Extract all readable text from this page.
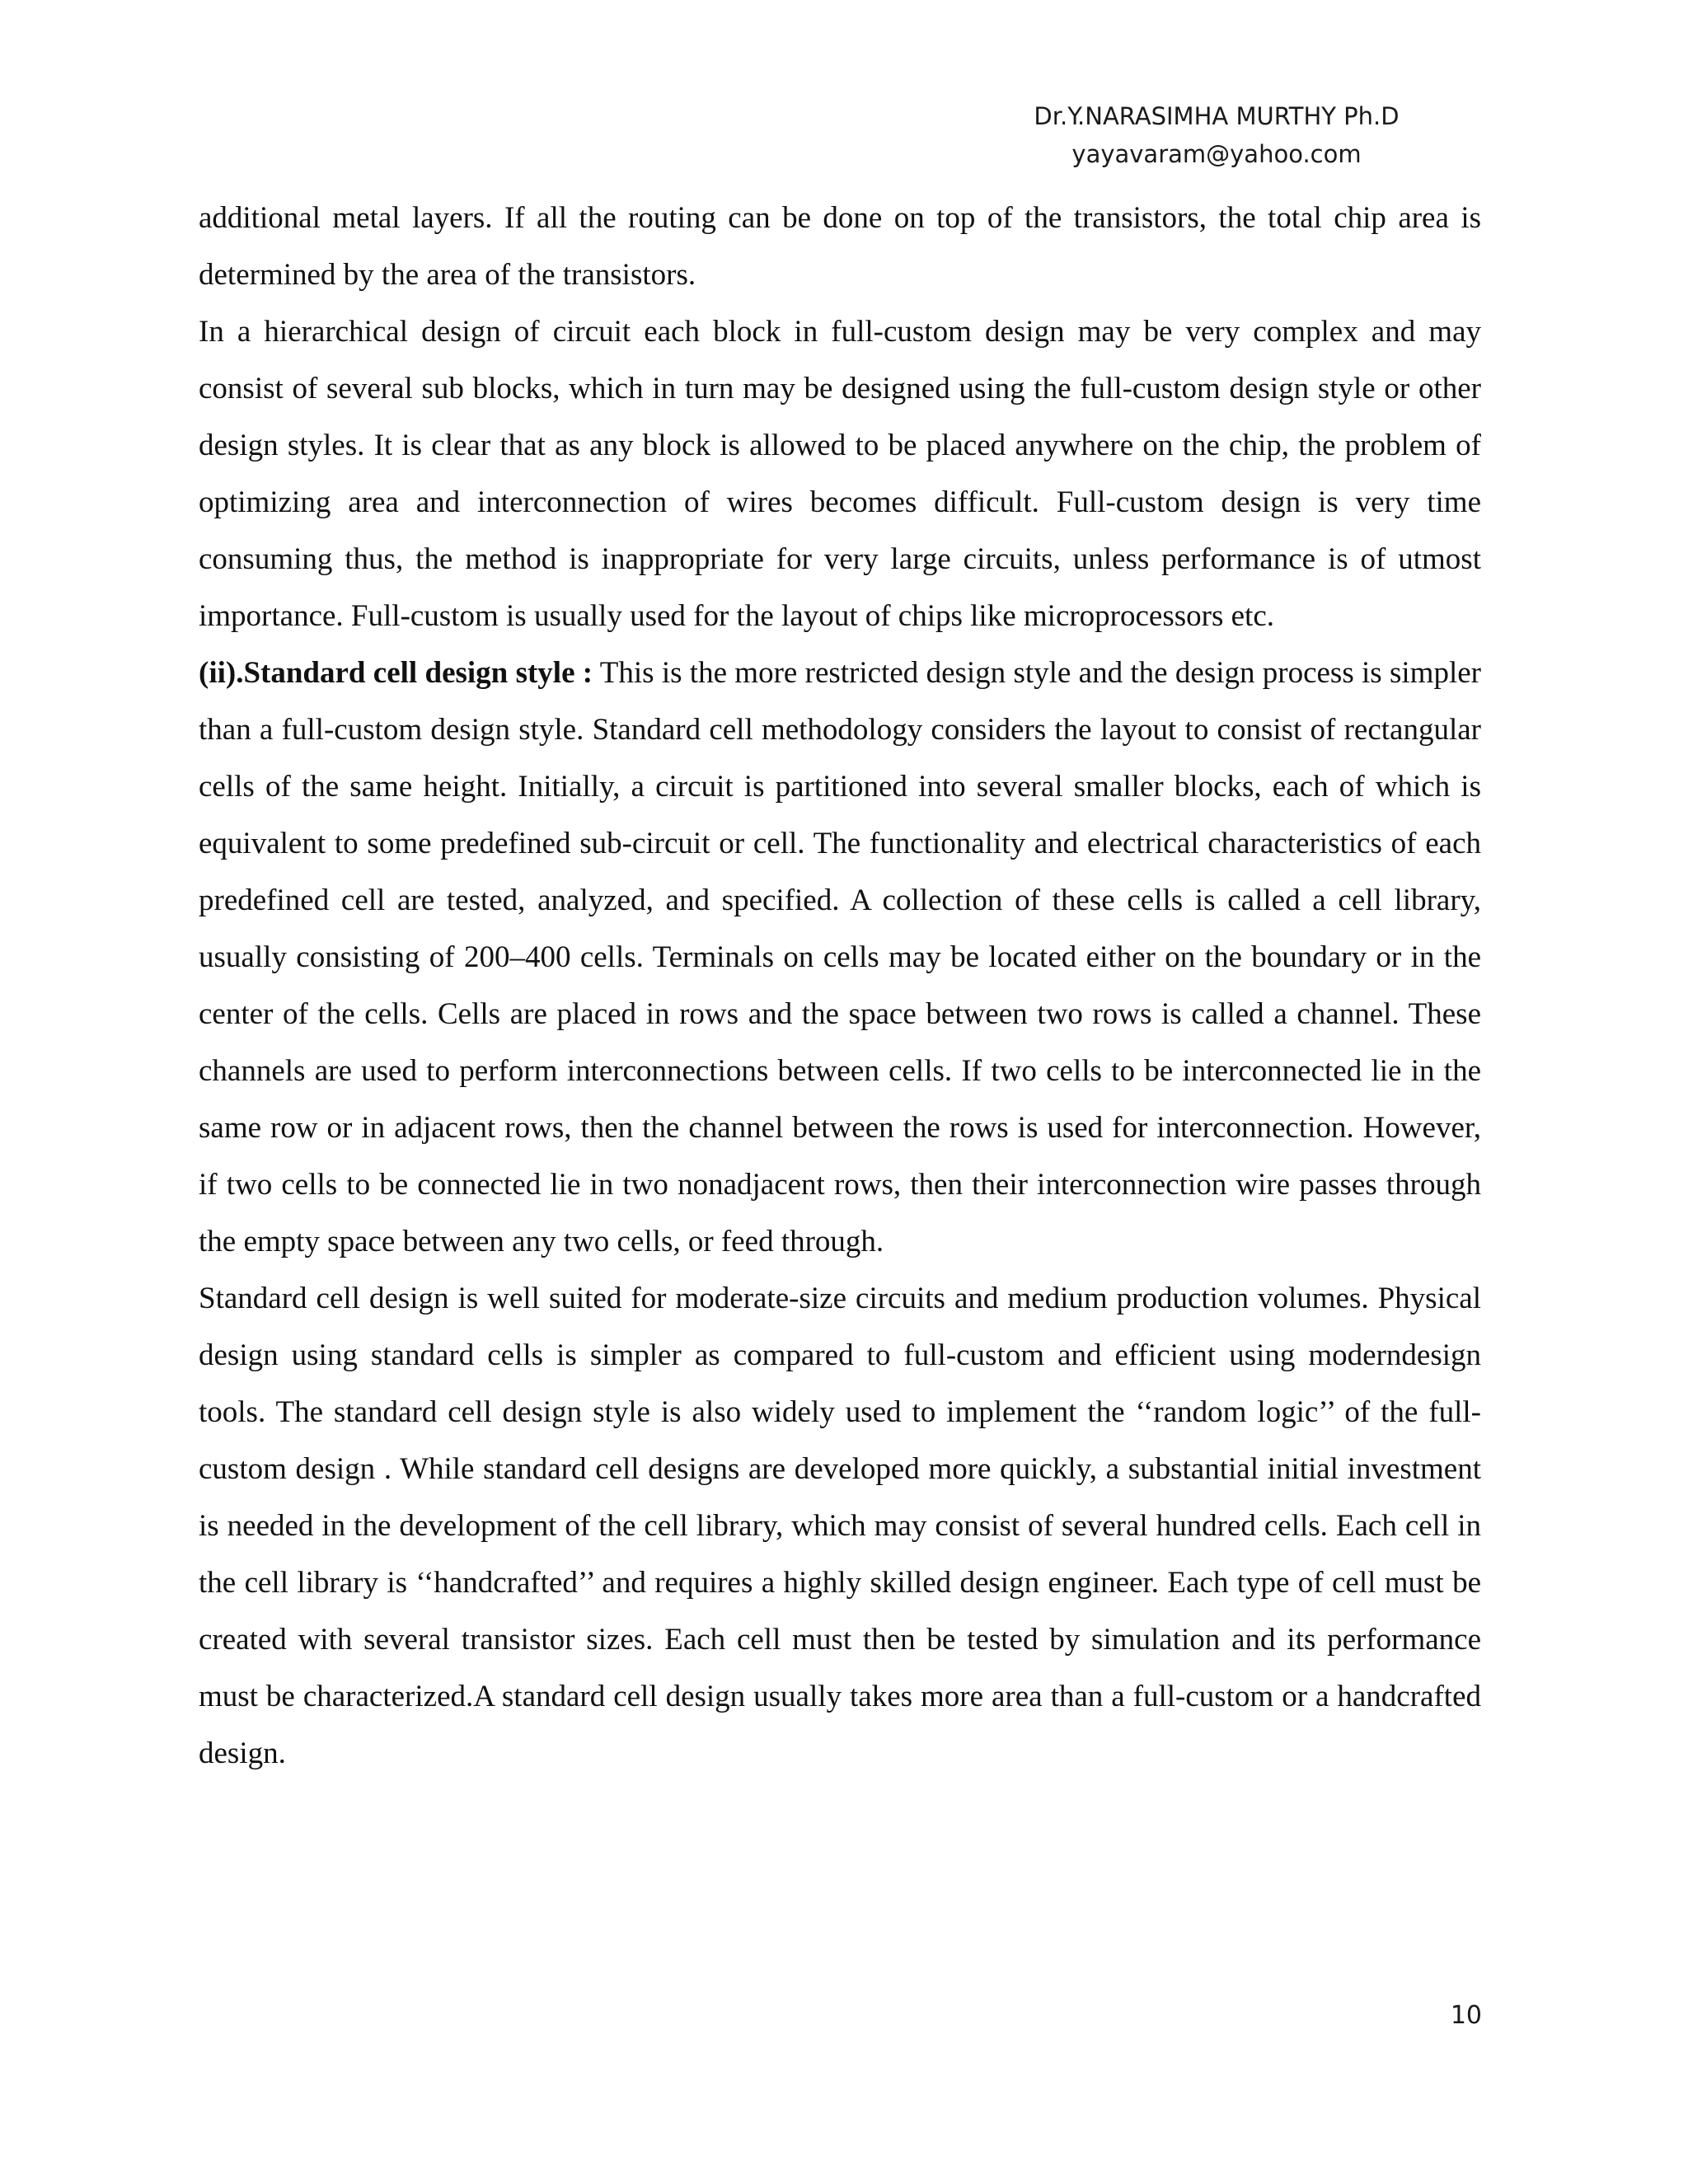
Dr.Y.NARASIMHA MURTHY Ph.D
yayavaram@yahoo.com

additional metal layers. If all the routing can be done on top of the transistors, the total chip area is determined by the area of the transistors.

In a hierarchical design of circuit each block in full-custom design may be very complex and may consist of several sub blocks, which in turn may be designed using the full-custom design style or other design styles. It is clear that as any block is allowed to be placed anywhere on the chip, the problem of optimizing area and interconnection of wires becomes difficult. Full-custom design is very time consuming thus, the method is inappropriate for very large circuits, unless performance is of utmost importance. Full-custom is usually used for the layout of chips like microprocessors etc.

(ii).Standard cell design style : This is the more restricted design style and the design process is simpler than a full-custom design style. Standard cell methodology considers the layout to consist of rectangular cells of the same height. Initially, a circuit is partitioned into several smaller blocks, each of which is equivalent to some predefined sub-circuit or cell. The functionality and electrical characteristics of each predefined cell are tested, analyzed, and specified. A collection of these cells is called a cell library, usually consisting of 200–400 cells. Terminals on cells may be located either on the boundary or in the center of the cells. Cells are placed in rows and the space between two rows is called a channel. These channels are used to perform interconnections between cells. If two cells to be interconnected lie in the same row or in adjacent rows, then the channel between the rows is used for interconnection. However, if two cells to be connected lie in two nonadjacent rows, then their interconnection wire passes through the empty space between any two cells, or feed through.

Standard cell design is well suited for moderate-size circuits and medium production volumes. Physical design using standard cells is simpler as compared to full-custom and efficient using moderndesign tools. The standard cell design style is also widely used to implement the ‘‘random logic’’ of the full-custom design . While standard cell designs are developed more quickly, a substantial initial investment is needed in the development of the cell library, which may consist of several hundred cells. Each cell in the cell library is ‘‘handcrafted’’ and requires a highly skilled design engineer. Each type of cell must be created with several transistor sizes. Each cell must then be tested by simulation and its performance must be characterized.A standard cell design usually takes more area than a full-custom or a handcrafted design.

10
